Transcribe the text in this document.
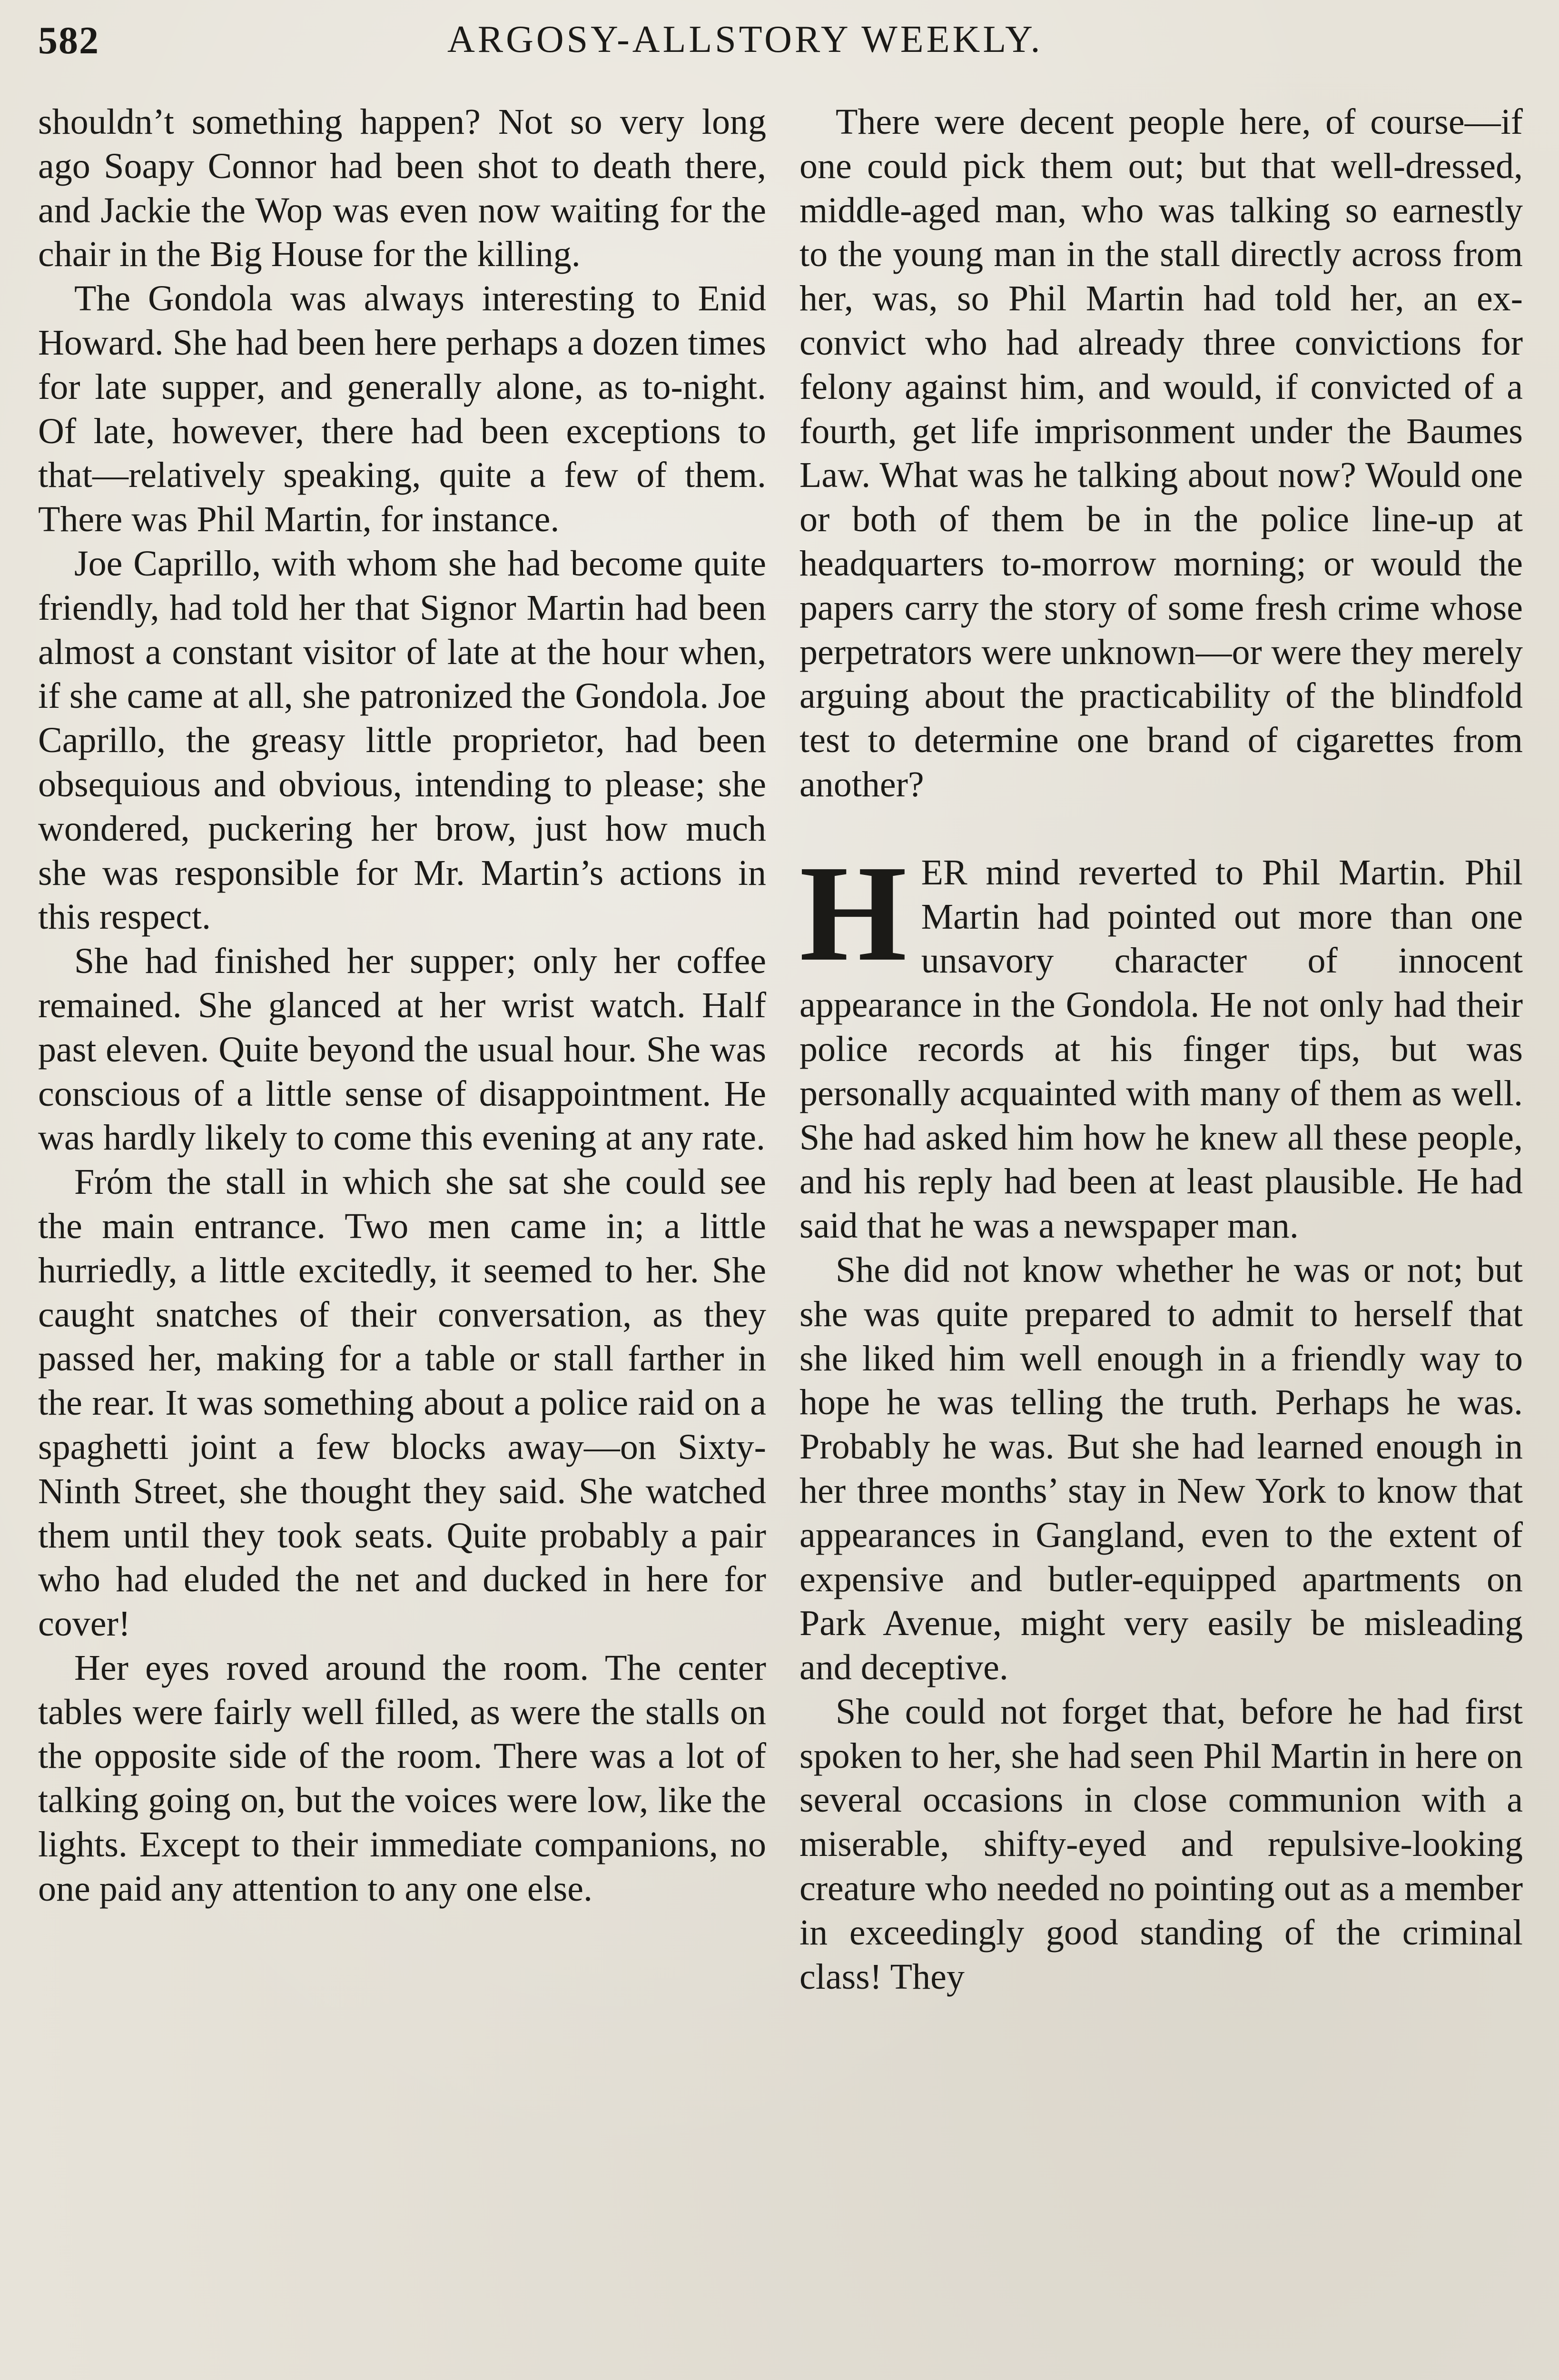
582	ARGOSY-ALLSTORY WEEKLY.

shouldn’t something happen? Not so very long ago Soapy Connor had been shot to death there, and Jackie the Wop was even now waiting for the chair in the Big House for the killing.

The Gondola was always interesting to Enid Howard. She had been here perhaps a dozen times for late supper, and generally alone, as to-night. Of late, however, there had been exceptions to that—relatively speaking, quite a few of them. There was Phil Martin, for instance.

Joe Caprillo, with whom she had become quite friendly, had told her that Signor Martin had been almost a constant visitor of late at the hour when, if she came at all, she patronized the Gondola. Joe Caprillo, the greasy little proprietor, had been obsequious and obvious, intending to please; she wondered, puckering her brow, just how much she was responsible for Mr. Martin’s actions in this respect.

She had finished her supper; only her coffee remained. She glanced at her wrist watch. Half past eleven. Quite beyond the usual hour. She was conscious of a little sense of disappointment. He was hardly likely to come this evening at any rate.

Frόm the stall in which she sat she could see the main entrance. Two men came in; a little hurriedly, a little excitedly, it seemed to her. She caught snatches of their conversation, as they passed her, making for a table or stall farther in the rear. It was something about a police raid on a spaghetti joint a few blocks away—on Sixty-Ninth Street, she thought they said. She watched them until they took seats. Quite probably a pair who had eluded the net and ducked in here for cover!

Her eyes roved around the room. The center tables were fairly well filled, as were the stalls on the opposite side of the room. There was a lot of talking going on, but the voices were low, like the lights. Except to their immediate companions, no one paid any attention to any one else.

There were decent people here, of course—if one could pick them out; but that well-dressed, middle-aged man, who was talking so earnestly to the young man in the stall directly across from her, was, so Phil Martin had told her, an ex-convict who had already three convictions for felony against him, and would, if convicted of a fourth, get life imprisonment under the Baumes Law. What was he talking about now? Would one or both of them be in the police line-up at headquarters to-morrow morning; or would the papers carry the story of some fresh crime whose perpetrators were unknown—or were they merely arguing about the practicability of the blindfold test to determine one brand of cigarettes from another?

HER mind reverted to Phil Martin. Phil Martin had pointed out more than one unsavory character of innocent appearance in the Gondola. He not only had their police records at his finger tips, but was personally acquainted with many of them as well. She had asked him how he knew all these people, and his reply had been at least plausible. He had said that he was a newspaper man.

She did not know whether he was or not; but she was quite prepared to admit to herself that she liked him well enough in a friendly way to hope he was telling the truth. Perhaps he was. Probably he was. But she had learned enough in her three months’ stay in New York to know that appearances in Gangland, even to the extent of expensive and butler-equipped apartments on Park Avenue, might very easily be misleading and deceptive.

She could not forget that, before he had first spoken to her, she had seen Phil Martin in here on several occasions in close communion with a miserable, shifty-eyed and repulsive-looking creature who needed no pointing out as a member in exceedingly good standing of the criminal class! They
